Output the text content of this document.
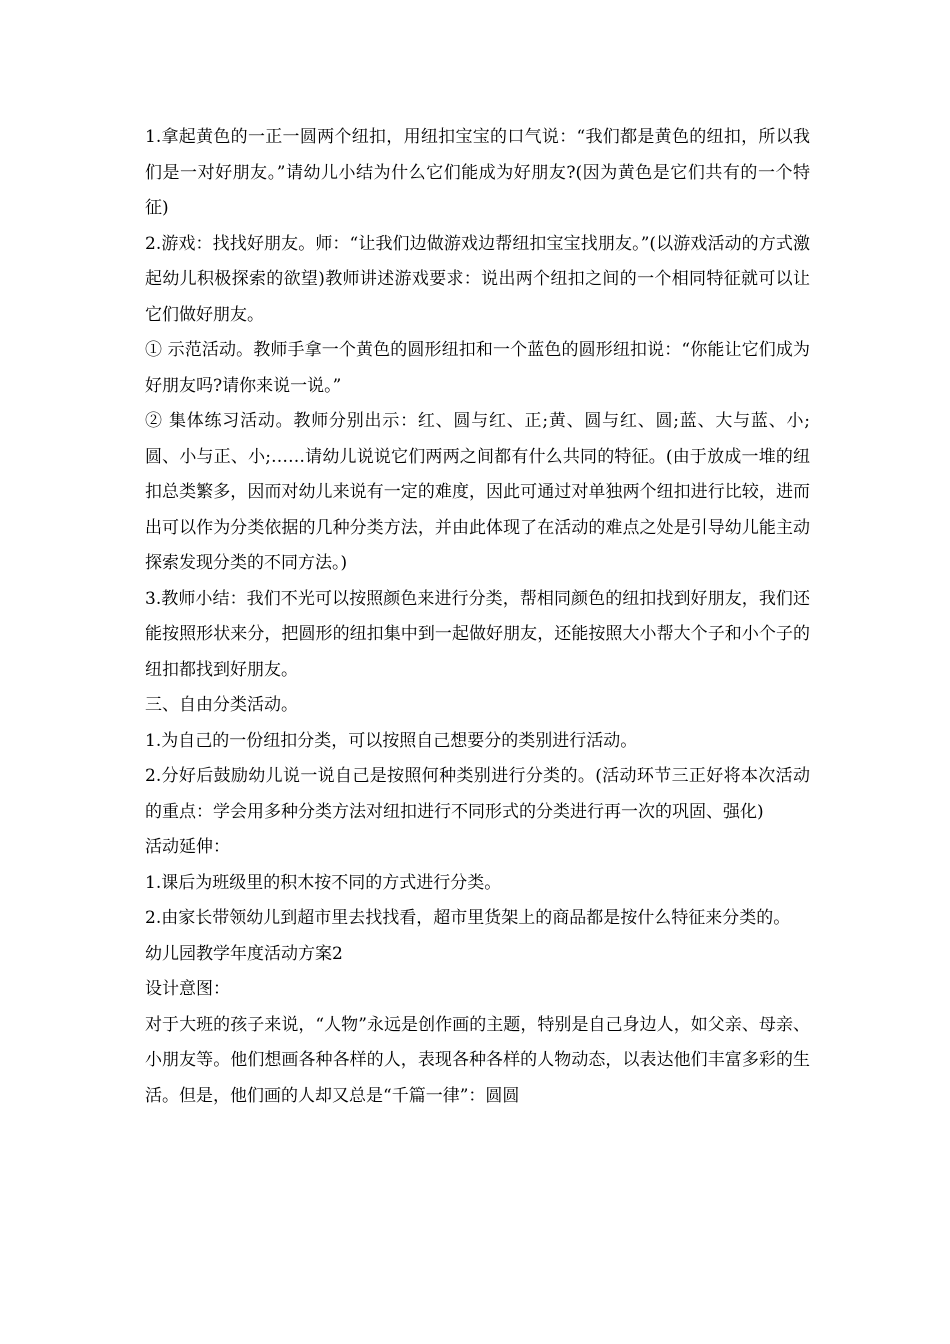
1.拿起黄色的一正一圆两个纽扣，用纽扣宝宝的口气说：“我们都是黄色的纽扣，所以我们是一对好朋友。”请幼儿小结为什么它们能成为好朋友?(因为黄色是它们共有的一个特征)

2.游戏：找找好朋友。师：“让我们边做游戏边帮纽扣宝宝找朋友。”(以游戏活动的方式激起幼儿积极探索的欲望)教师讲述游戏要求：说出两个纽扣之间的一个相同特征就可以让它们做好朋友。

① 示范活动。教师手拿一个黄色的圆形纽扣和一个蓝色的圆形纽扣说：“你能让它们成为好朋友吗?请你来说一说。”

② 集体练习活动。教师分别出示：红、圆与红、正;黄、圆与红、圆;蓝、大与蓝、小;圆、小与正、小;……请幼儿说说它们两两之间都有什么共同的特征。(由于放成一堆的纽扣总类繁多，因而对幼儿来说有一定的难度，因此可通过对单独两个纽扣进行比较，进而出可以作为分类依据的几种分类方法，并由此体现了在活动的难点之处是引导幼儿能主动探索发现分类的不同方法。)

3.教师小结：我们不光可以按照颜色来进行分类，帮相同颜色的纽扣找到好朋友，我们还能按照形状来分，把圆形的纽扣集中到一起做好朋友，还能按照大小帮大个子和小个子的纽扣都找到好朋友。

三、自由分类活动。

1.为自己的一份纽扣分类，可以按照自己想要分的类别进行活动。

2.分好后鼓励幼儿说一说自己是按照何种类别进行分类的。(活动环节三正好将本次活动的重点：学会用多种分类方法对纽扣进行不同形式的分类进行再一次的巩固、强化)

活动延伸：

1.课后为班级里的积木按不同的方式进行分类。

2.由家长带领幼儿到超市里去找找看，超市里货架上的商品都是按什么特征来分类的。

幼儿园教学年度活动方案2

设计意图：

对于大班的孩子来说，“人物”永远是创作画的主题，特别是自己身边人，如父亲、母亲、小朋友等。他们想画各种各样的人，表现各种各样的人物动态，以表达他们丰富多彩的生活。但是，他们画的人却又总是“千篇一律”：圆圆
